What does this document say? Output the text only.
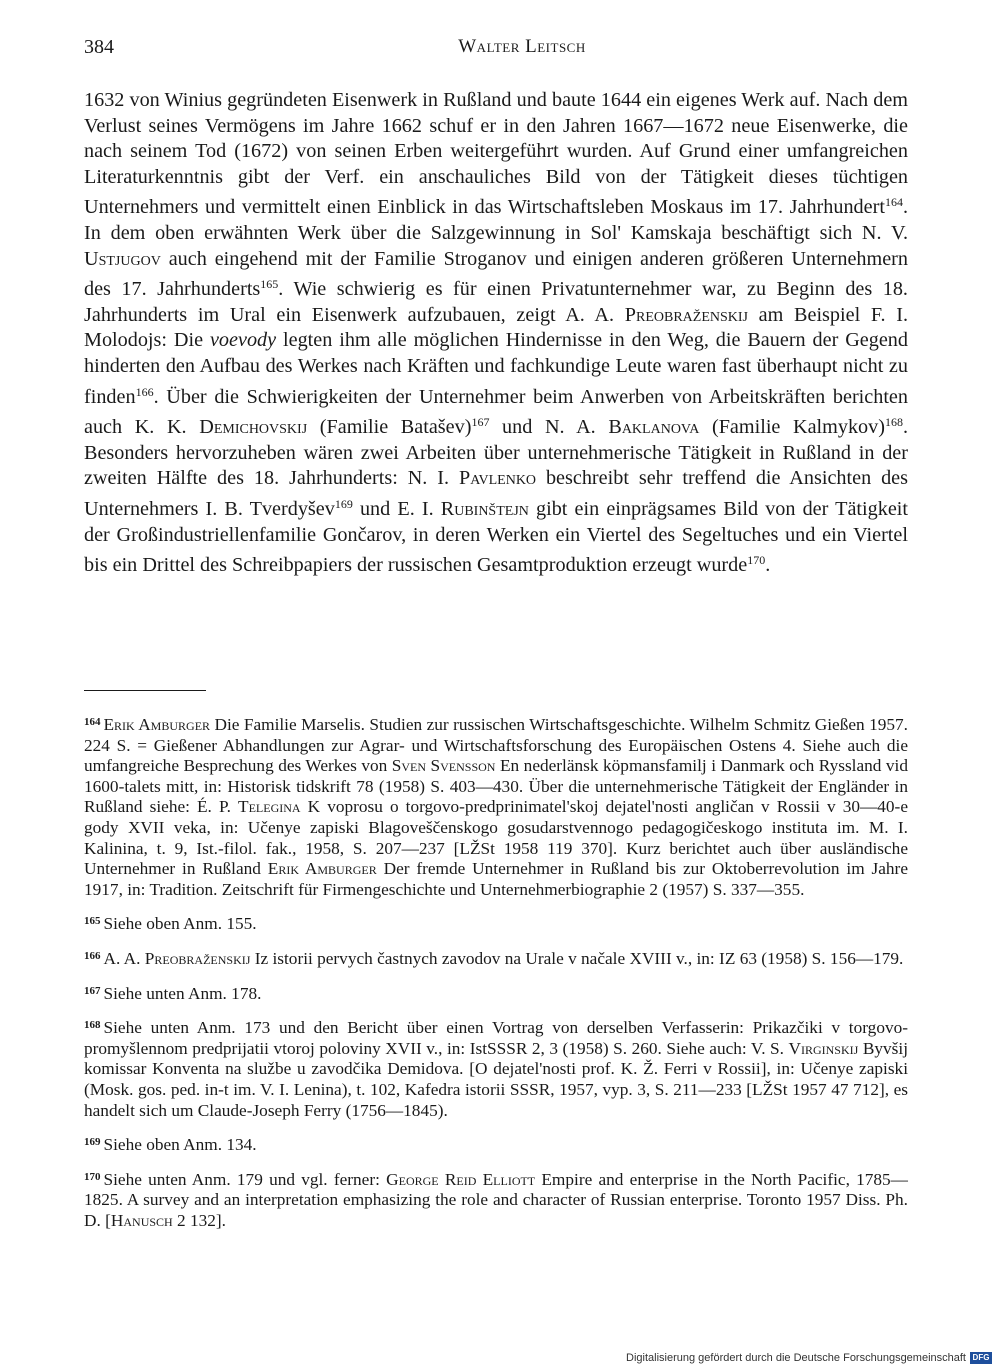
384	Walter Leitsch

1632 von Winius gegründeten Eisenwerk in Rußland und baute 1644 ein eigenes Werk auf. Nach dem Verlust seines Vermögens im Jahre 1662 schuf er in den Jahren 1667—1672 neue Eisenwerke, die nach seinem Tod (1672) von seinen Erben weitergeführt wurden. Auf Grund einer umfangreichen Literaturkenntnis gibt der Verf. ein anschauliches Bild von der Tätigkeit dieses tüchtigen Unternehmers und vermittelt einen Einblick in das Wirtschaftsleben Moskaus im 17. Jahrhundert$^{164}$. In dem oben erwähnten Werk über die Salzgewinnung in Sol' Kamskaja beschäftigt sich N. V. Ustjugov auch eingehend mit der Familie Stroganov und einigen anderen größeren Unternehmern des 17. Jahrhunderts$^{165}$. Wie schwierig es für einen Privatunternehmer war, zu Beginn des 18. Jahrhunderts im Ural ein Eisenwerk aufzubauen, zeigt A. A. Preobraženskij am Beispiel F. I. Molodojs: Die voevody legten ihm alle möglichen Hindernisse in den Weg, die Bauern der Gegend hinderten den Aufbau des Werkes nach Kräften und fachkundige Leute waren fast überhaupt nicht zu finden$^{166}$. Über die Schwierigkeiten der Unternehmer beim Anwerben von Arbeitskräften berichten auch K. K. Demichovskij (Familie Batašev)$^{167}$ und N. A. Baklanova (Familie Kalmykov)$^{168}$. Besonders hervorzuheben wären zwei Arbeiten über unternehmerische Tätigkeit in Rußland in der zweiten Hälfte des 18. Jahrhunderts: N. I. Pavlenko beschreibt sehr treffend die Ansichten des Unternehmers I. B. Tverdyšev$^{169}$ und E. I. Rubinštejn gibt ein einprägsames Bild von der Tätigkeit der Großindustriellenfamilie Gončarov, in deren Werken ein Viertel des Segeltuches und ein Viertel bis ein Drittel des Schreibpapiers der russischen Gesamtproduktion erzeugt wurde$^{170}$.

$^{164}$ Erik Amburger Die Familie Marselis. Studien zur russischen Wirtschaftsgeschichte. Wilhelm Schmitz Gießen 1957. 224 S. = Gießener Abhandlungen zur Agrar- und Wirtschaftsforschung des Europäischen Ostens 4. Siehe auch die umfangreiche Besprechung des Werkes von Sven Svensson En nederlänsk köpmansfamilj i Danmark och Ryssland vid 1600-talets mitt, in: Historisk tidskrift 78 (1958) S. 403—430. Über die unternehmerische Tätigkeit der Engländer in Rußland siehe: É. P. Telegina K voprosu o torgovo-predprinimatel'skoj dejatel'nosti angličan v Rossii v 30—40-e gody XVII veka, in: Učenye zapiski Blagoveščenskogo gosudarstvennogo pedagogičeskogo instituta im. M. I. Kalinina, t. 9, Ist.-filol. fak., 1958, S. 207—237 [LŽSt 1958 119 370]. Kurz berichtet auch über ausländische Unternehmer in Rußland Erik Amburger Der fremde Unternehmer in Rußland bis zur Oktoberrevolution im Jahre 1917, in: Tradition. Zeitschrift für Firmengeschichte und Unternehmerbiographie 2 (1957) S. 337—355.

$^{165}$ Siehe oben Anm. 155.

$^{166}$ A. A. Preobraženskij Iz istorii pervych častnych zavodov na Urale v načale XVIII v., in: IZ 63 (1958) S. 156—179.

$^{167}$ Siehe unten Anm. 178.

$^{168}$ Siehe unten Anm. 173 und den Bericht über einen Vortrag von derselben Verfasserin: Prikazčiki v torgovo-promyšlennom predprijatii vtoroj poloviny XVII v., in: IstSSSR 2, 3 (1958) S. 260. Siehe auch: V. S. Virginskij Byvšij komissar Konventa na službe u zavodčika Demidova. [O dejatel'nosti prof. K. Ž. Ferri v Rossii], in: Učenye zapiski (Mosk. gos. ped. in-t im. V. I. Lenina), t. 102, Kafedra istorii SSSR, 1957, vyp. 3, S. 211—233 [LŽSt 1957 47 712], es handelt sich um Claude-Joseph Ferry (1756—1845).

$^{169}$ Siehe oben Anm. 134.

$^{170}$ Siehe unten Anm. 179 und vgl. ferner: George Reid Elliott Empire and enterprise in the North Pacific, 1785—1825. A survey and an interpretation emphasizing the role and character of Russian enterprise. Toronto 1957 Diss. Ph. D. [Hanusch 2 132].

Digitalisierung gefördert durch die Deutsche Forschungsgemeinschaft DFG
